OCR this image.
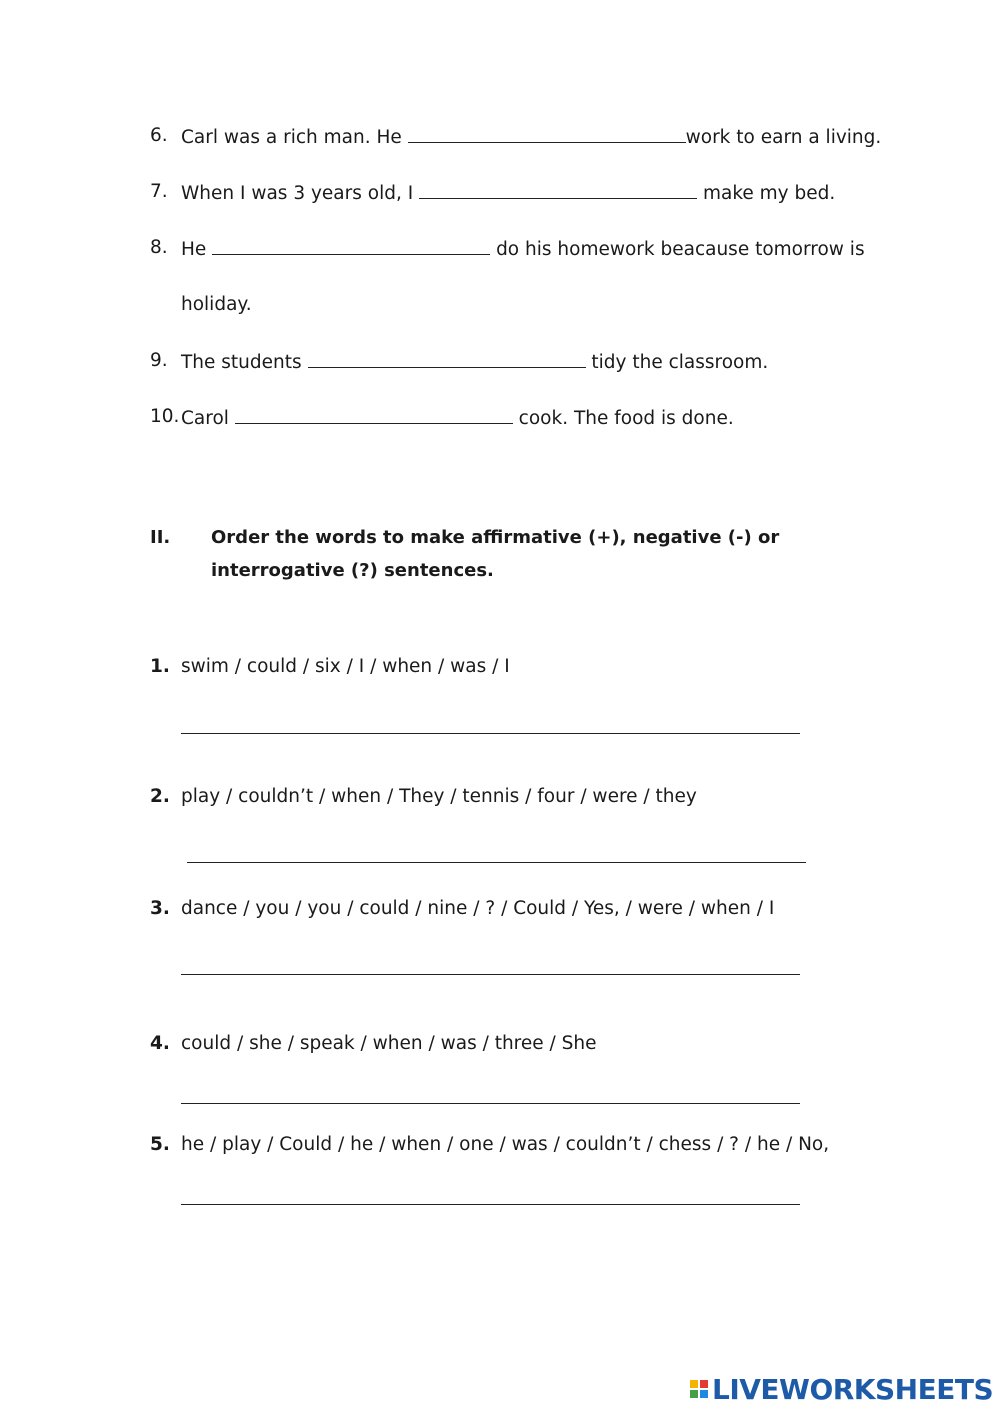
6. Carl was a rich man. He	work to earn a living.
7. When I was 3 years old, I	make my bed.
8. He	do his homework beacause tomorrow is
holiday.
9. The students	tidy the classroom.
10. Carol	cook. The food is done.
II. Order the words to make affirmative (+), negative (-) or
interrogative (?) sentences.
1. swim / could / six / I / when / was / I
2. play / couldn’t / when / They / tennis / four / were / they
3. dance / you / you / could / nine / ? / Could / Yes, / were / when / I
4. could / she / speak / when / was / three / She
5. he / play / Could / he / when / one / was / couldn’t / chess / ? / he / No,
LIVEWORKSHEETS
